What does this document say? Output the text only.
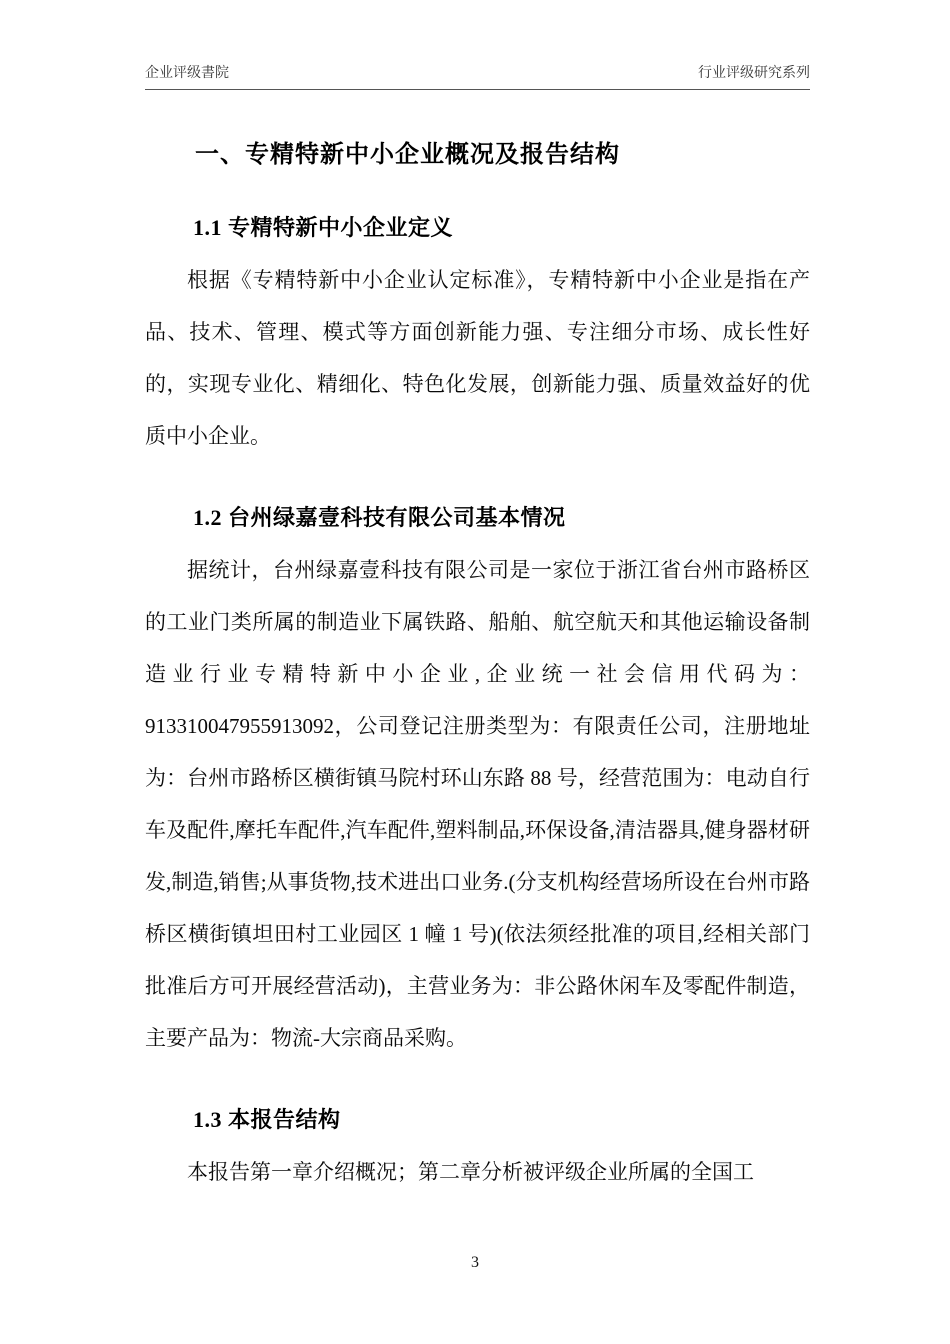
企业评级書院	行业评级研究系列
一、专精特新中小企业概况及报告结构
1.1 专精特新中小企业定义

根据《专精特新中小企业认定标准》，专精特新中小企业是指在产品、技术、管理、模式等方面创新能力强、专注细分市场、成长性好的，实现专业化、精细化、特色化发展，创新能力强、质量效益好的优质中小企业。

1.2 台州绿嘉壹科技有限公司基本情况

据统计，台州绿嘉壹科技有限公司是一家位于浙江省台州市路桥区的工业门类所属的制造业下属铁路、船舶、航空航天和其他运输设备制造业行业专精特新中小企业,企业统一社会信用代码为：913310047955913092，公司登记注册类型为：有限责任公司，注册地址为：台州市路桥区横街镇马院村环山东路 88 号，经营范围为：电动自行车及配件,摩托车配件,汽车配件,塑料制品,环保设备,清洁器具,健身器材研发,制造,销售;从事货物,技术进出口业务.(分支机构经营场所设在台州市路桥区横街镇坦田村工业园区 1 幢 1 号)(依法须经批准的项目,经相关部门批准后方可开展经营活动)，主营业务为：非公路休闲车及零配件制造，主要产品为：物流-大宗商品采购。

1.3 本报告结构

本报告第一章介绍概况；第二章分析被评级企业所属的全国工

3
